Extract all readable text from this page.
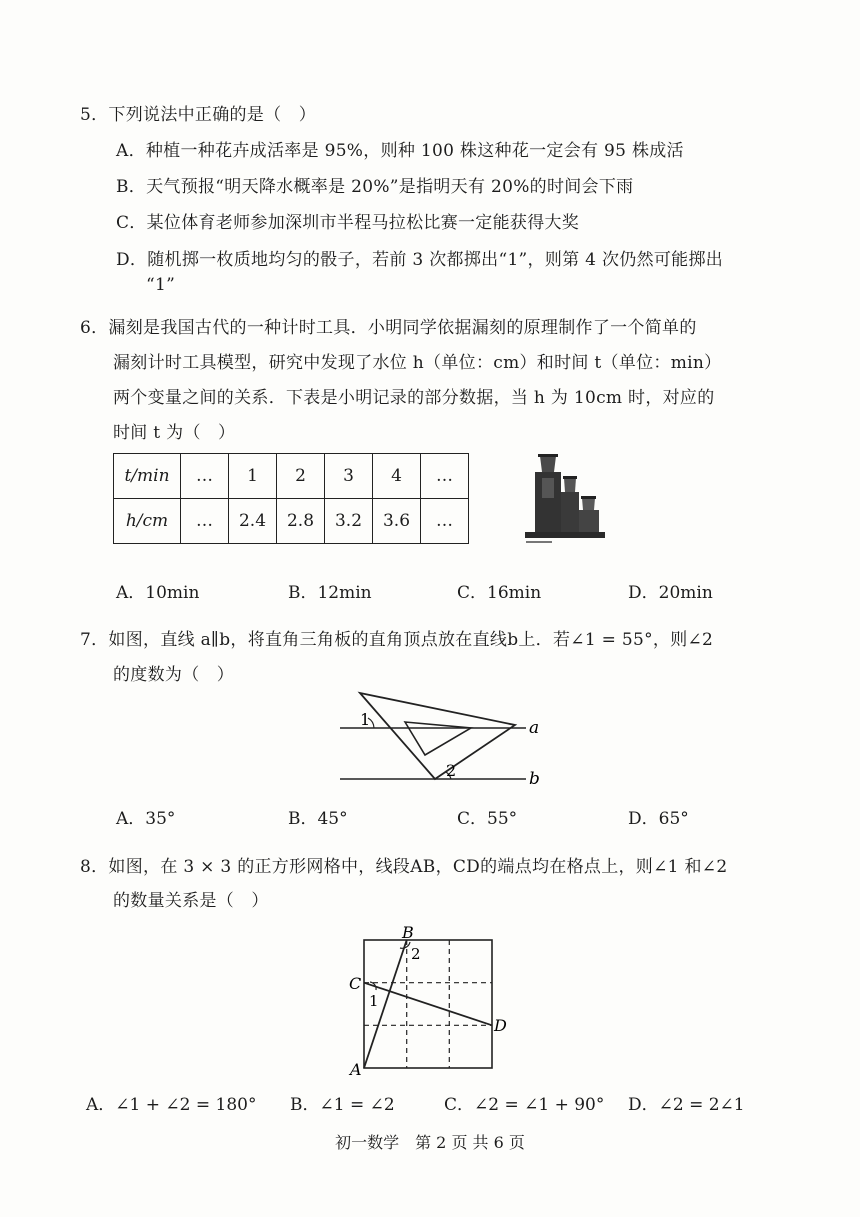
5．下列说法中正确的是（　）
A．种植一种花卉成活率是 95%，则种 100 株这种花一定会有 95 株成活
B．天气预报“明天降水概率是 20%”是指明天有 20%的时间会下雨
C．某位体育老师参加深圳市半程马拉松比赛一定能获得大奖
D．随机掷一枚质地均匀的骰子，若前 3 次都掷出“1”，则第 4 次仍然可能掷出
“1”
6．漏刻是我国古代的一种计时工具．小明同学依据漏刻的原理制作了一个简单的
漏刻计时工具模型，研究中发现了水位 h（单位：cm）和时间 t（单位：min）
两个变量之间的关系．下表是小明记录的部分数据，当 h 为 10cm 时，对应的
时间 t 为（　）
t/min	…	1	2	3	4	…
h/cm	…	2.4	2.8	3.2	3.6	…
A．10min	B．12min	C．16min	D．20min
7．如图，直线 a∥b，将直角三角板的直角顶点放在直线b上．若∠1 = 55°，则∠2
的度数为（　）
1
2
a
b
A．35°	B．45°	C．55°	D．65°
8．如图，在 3 × 3 的正方形网格中，线段AB，CD的端点均在格点上，则∠1 和∠2
的数量关系是（　）
B
2
C
1
D
A
A．∠1 + ∠2 = 180° B．∠1 = ∠2	C．∠2 = ∠1 + 90° D．∠2 = 2∠1
初一数学　第 2 页 共 6 页
